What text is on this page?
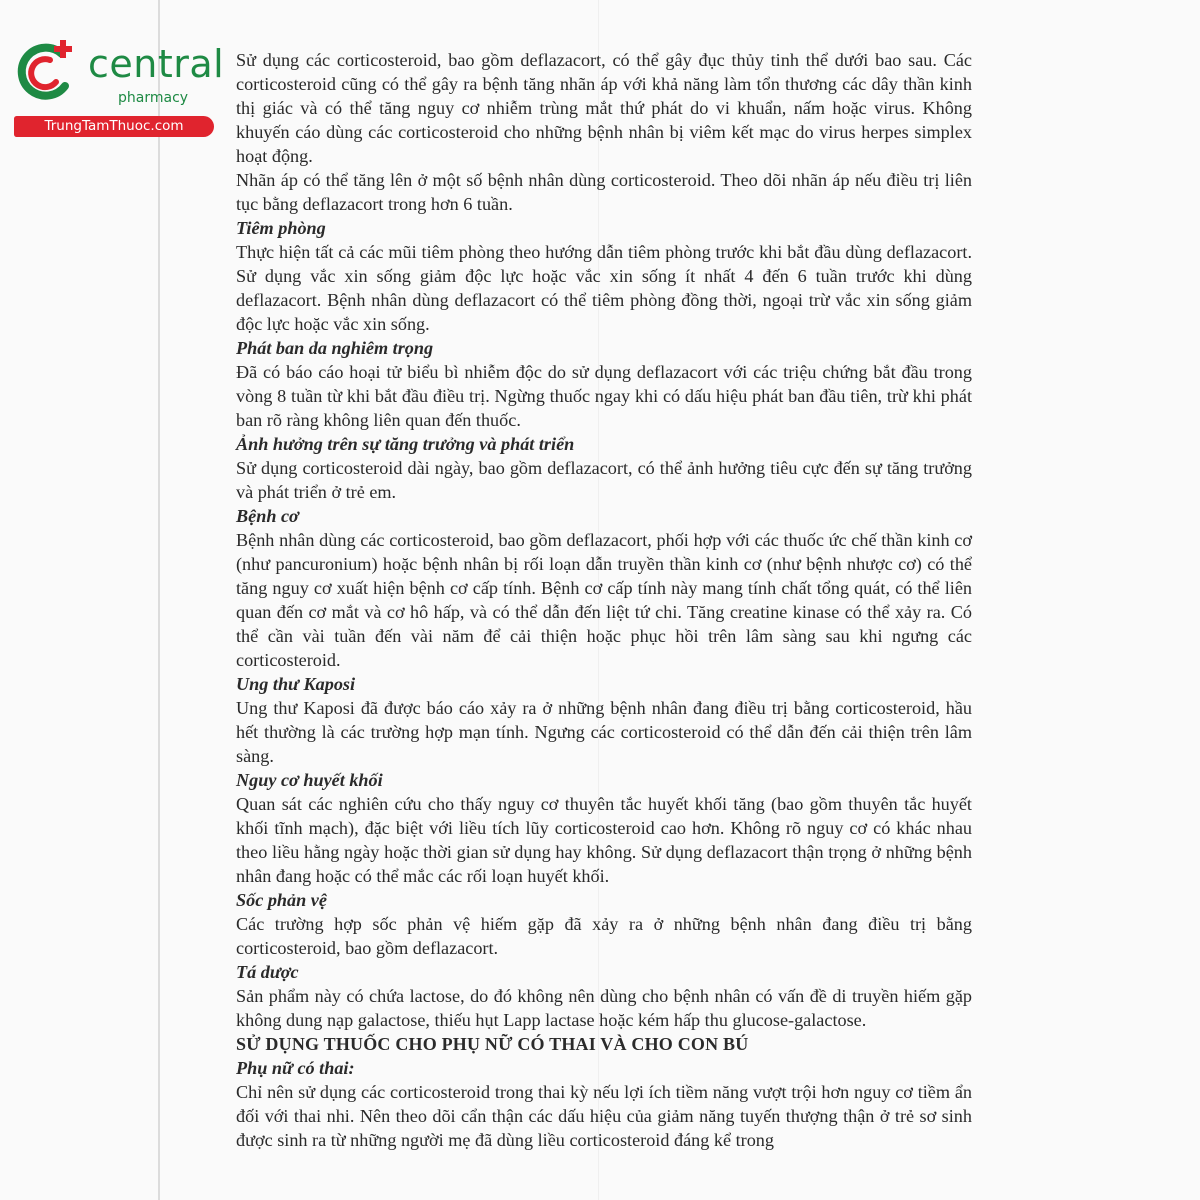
central
pharmacy
TrungTamThuoc.com

Sử dụng các corticosteroid, bao gồm deflazacort, có thể gây đục thủy tinh thể dưới bao sau. Các corticosteroid cũng có thể gây ra bệnh tăng nhãn áp với khả năng làm tổn thương các dây thần kinh thị giác và có thể tăng nguy cơ nhiễm trùng mắt thứ phát do vi khuẩn, nấm hoặc virus. Không khuyến cáo dùng các corticosteroid cho những bệnh nhân bị viêm kết mạc do virus herpes simplex hoạt động.

Nhãn áp có thể tăng lên ở một số bệnh nhân dùng corticosteroid. Theo dõi nhãn áp nếu điều trị liên tục bằng deflazacort trong hơn 6 tuần.

Tiêm phòng

Thực hiện tất cả các mũi tiêm phòng theo hướng dẫn tiêm phòng trước khi bắt đầu dùng deflazacort. Sử dụng vắc xin sống giảm độc lực hoặc vắc xin sống ít nhất 4 đến 6 tuần trước khi dùng deflazacort. Bệnh nhân dùng deflazacort có thể tiêm phòng đồng thời, ngoại trừ vắc xin sống giảm độc lực hoặc vắc xin sống.

Phát ban da nghiêm trọng

Đã có báo cáo hoại tử biểu bì nhiễm độc do sử dụng deflazacort với các triệu chứng bắt đầu trong vòng 8 tuần từ khi bắt đầu điều trị. Ngừng thuốc ngay khi có dấu hiệu phát ban đầu tiên, trừ khi phát ban rõ ràng không liên quan đến thuốc.

Ảnh hưởng trên sự tăng trưởng và phát triển

Sử dụng corticosteroid dài ngày, bao gồm deflazacort, có thể ảnh hưởng tiêu cực đến sự tăng trưởng và phát triển ở trẻ em.

Bệnh cơ

Bệnh nhân dùng các corticosteroid, bao gồm deflazacort, phối hợp với các thuốc ức chế thần kinh cơ (như pancuronium) hoặc bệnh nhân bị rối loạn dẫn truyền thần kinh cơ (như bệnh nhược cơ) có thể tăng nguy cơ xuất hiện bệnh cơ cấp tính. Bệnh cơ cấp tính này mang tính chất tổng quát, có thể liên quan đến cơ mắt và cơ hô hấp, và có thể dẫn đến liệt tứ chi. Tăng creatine kinase có thể xảy ra. Có thể cần vài tuần đến vài năm để cải thiện hoặc phục hồi trên lâm sàng sau khi ngưng các corticosteroid.

Ung thư Kaposi

Ung thư Kaposi đã được báo cáo xảy ra ở những bệnh nhân đang điều trị bằng corticosteroid, hầu hết thường là các trường hợp mạn tính. Ngưng các corticosteroid có thể dẫn đến cải thiện trên lâm sàng.

Nguy cơ huyết khối

Quan sát các nghiên cứu cho thấy nguy cơ thuyên tắc huyết khối tăng (bao gồm thuyên tắc huyết khối tĩnh mạch), đặc biệt với liều tích lũy corticosteroid cao hơn. Không rõ nguy cơ có khác nhau theo liều hằng ngày hoặc thời gian sử dụng hay không. Sử dụng deflazacort thận trọng ở những bệnh nhân đang hoặc có thể mắc các rối loạn huyết khối.

Sốc phản vệ

Các trường hợp sốc phản vệ hiếm gặp đã xảy ra ở những bệnh nhân đang điều trị bằng corticosteroid, bao gồm deflazacort.

Tá dược

Sản phẩm này có chứa lactose, do đó không nên dùng cho bệnh nhân có vấn đề di truyền hiếm gặp không dung nạp galactose, thiếu hụt Lapp lactase hoặc kém hấp thu glucose-galactose.

SỬ DỤNG THUỐC CHO PHỤ NỮ CÓ THAI VÀ CHO CON BÚ

Phụ nữ có thai:

Chỉ nên sử dụng các corticosteroid trong thai kỳ nếu lợi ích tiềm năng vượt trội hơn nguy cơ tiềm ẩn đối với thai nhi. Nên theo dõi cẩn thận các dấu hiệu của giảm năng tuyến thượng thận ở trẻ sơ sinh được sinh ra từ những người mẹ đã dùng liều corticosteroid đáng kể trong
